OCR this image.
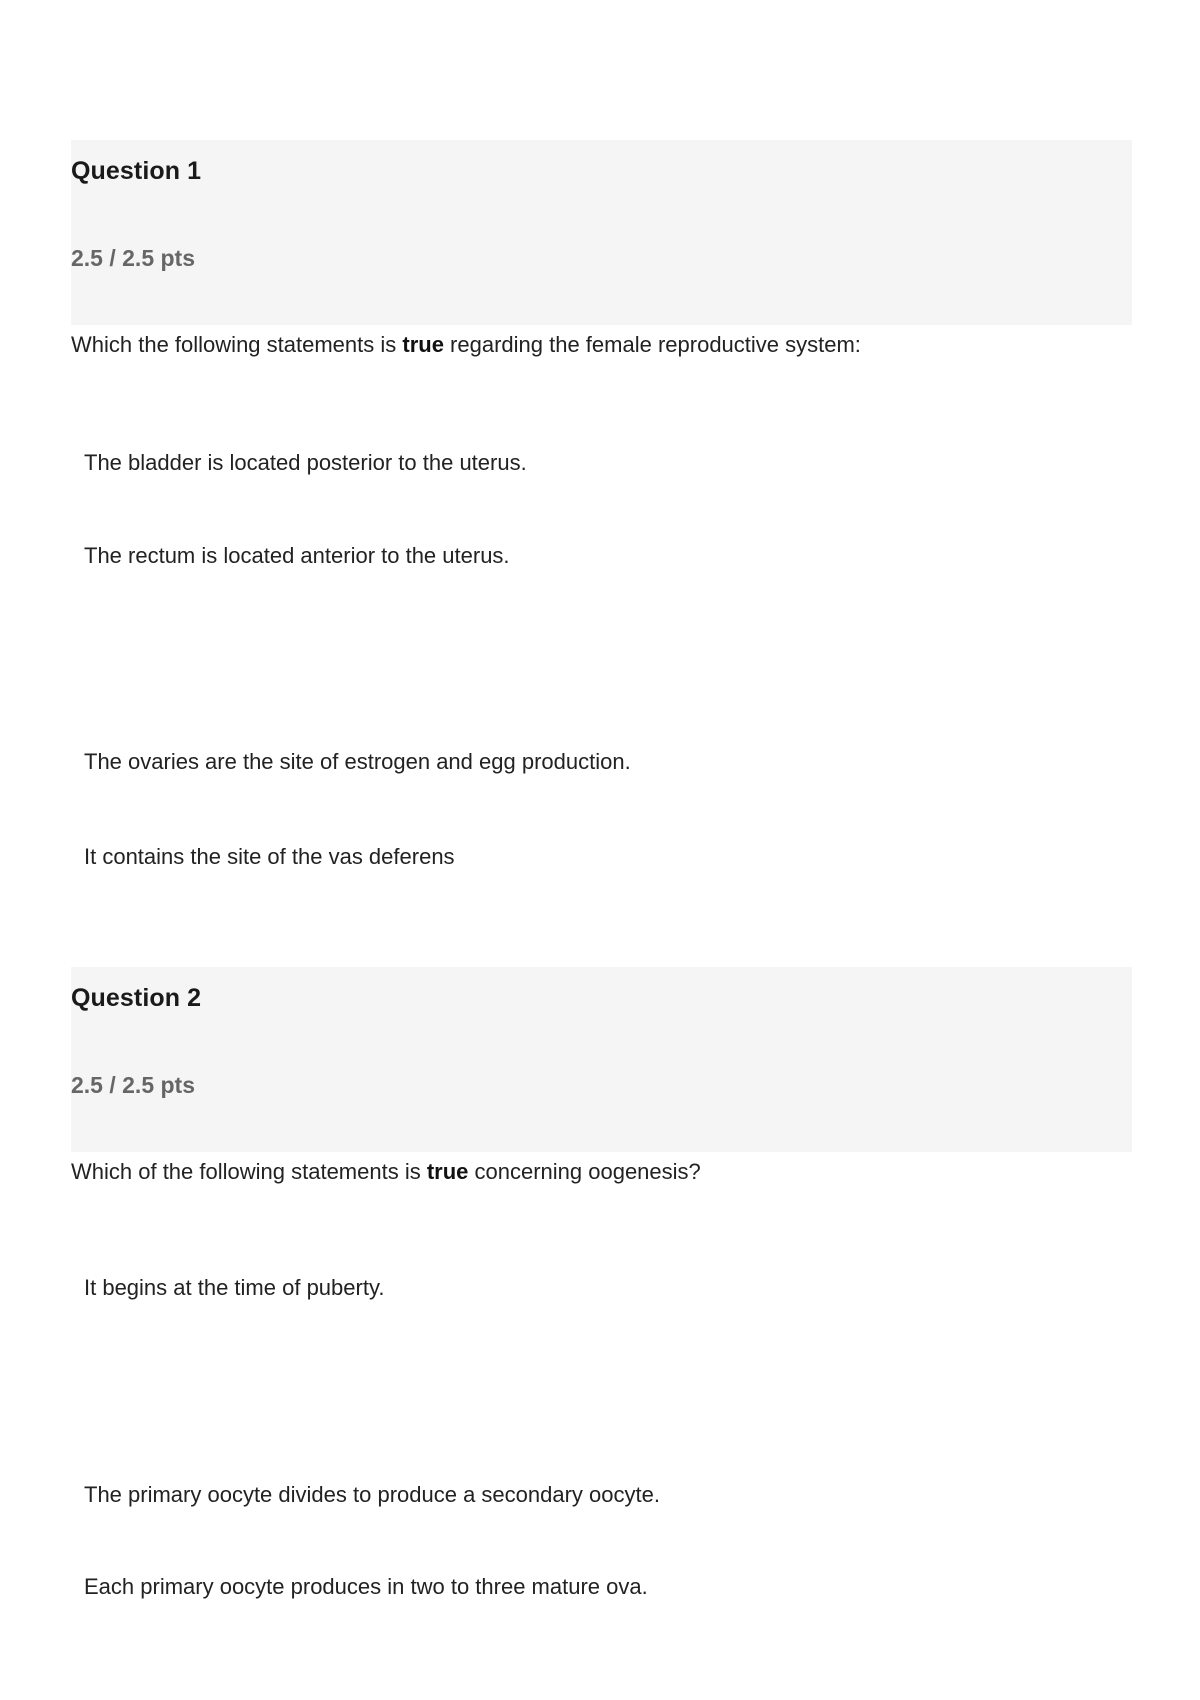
Question 1
2.5 / 2.5 pts
Which the following statements is true regarding the female reproductive system:
The bladder is located posterior to the uterus.
The rectum is located anterior to the uterus.
The ovaries are the site of estrogen and egg production.
It contains the site of the vas deferens
Question 2
2.5 / 2.5 pts
Which of the following statements is true concerning oogenesis?
It begins at the time of puberty.
The primary oocyte divides to produce a secondary oocyte.
Each primary oocyte produces in two to three mature ova.
